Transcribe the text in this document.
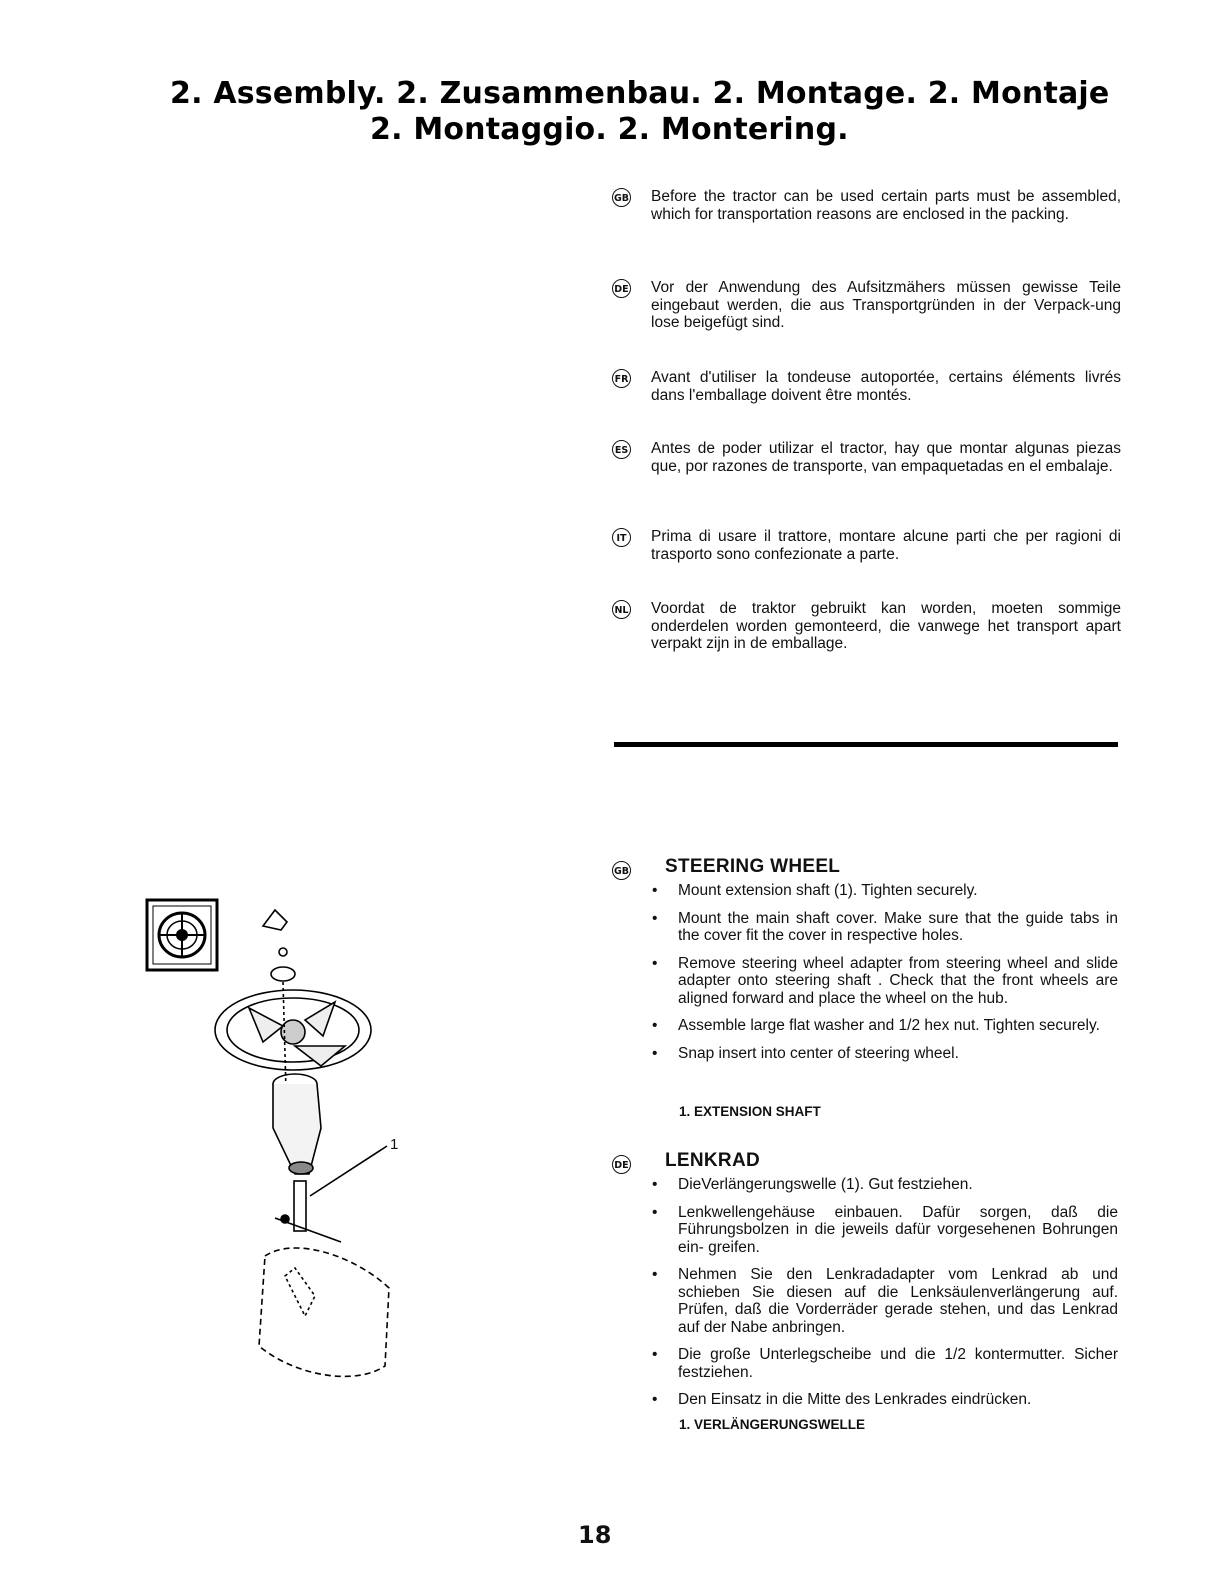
2. Assembly. 2. Zusammenbau. 2. Montage. 2. Montaje
2. Montaggio. 2. Montering.
GB Before the tractor can be used certain parts must be assembled, which for transportation reasons are enclosed in the packing.
DE Vor der Anwendung des Aufsitzmähers müssen gewisse Teile eingebaut werden, die aus Transportgründen in der Verpack-ung lose beigefügt sind.
FR Avant d'utiliser la tondeuse autoportée, certains éléments livrés dans l'emballage doivent être montés.
ES Antes de poder utilizar el tractor, hay que montar algunas piezas que, por razones de transporte, van empaquetadas en el embalaje.
IT Prima di usare il trattore, montare alcune parti che per ragioni di trasporto sono confezionate a parte.
NL Voordat de traktor gebruikt kan worden, moeten sommige onderdelen worden gemonteerd, die vanwege het transport apart verpakt zijn in de emballage.
GB STEERING WHEEL
• Mount extension shaft (1). Tighten securely.
• Mount the main shaft cover. Make sure that the guide tabs in the cover fit the cover in respective holes.
• Remove steering wheel adapter from steering wheel and slide adapter onto steering shaft . Check that the front wheels are aligned forward and place the wheel on the hub.
• Assemble large flat washer and 1/2 hex nut. Tighten securely.
• Snap insert into center of steering wheel.
1. EXTENSION SHAFT
DE LENKRAD
• DieVerlängerungswelle (1). Gut festziehen.
• Lenkwellengehäuse einbauen. Dafür sorgen, daß die Führungsbolzen in die jeweils dafür vorgesehenen Bohrungen ein- greifen.
• Nehmen Sie den Lenkradadapter vom Lenkrad ab und schieben Sie diesen auf die Lenksäulenverlängerung auf. Prüfen, daß die Vorderräder gerade stehen, und das Lenkrad auf der Nabe anbringen.
• Die große Unterlegscheibe und die 1/2 kontermutter. Sicher festziehen.
• Den Einsatz in die Mitte des Lenkrades eindrücken.
1. VERLÄNGERUNGSWELLE
1
18
